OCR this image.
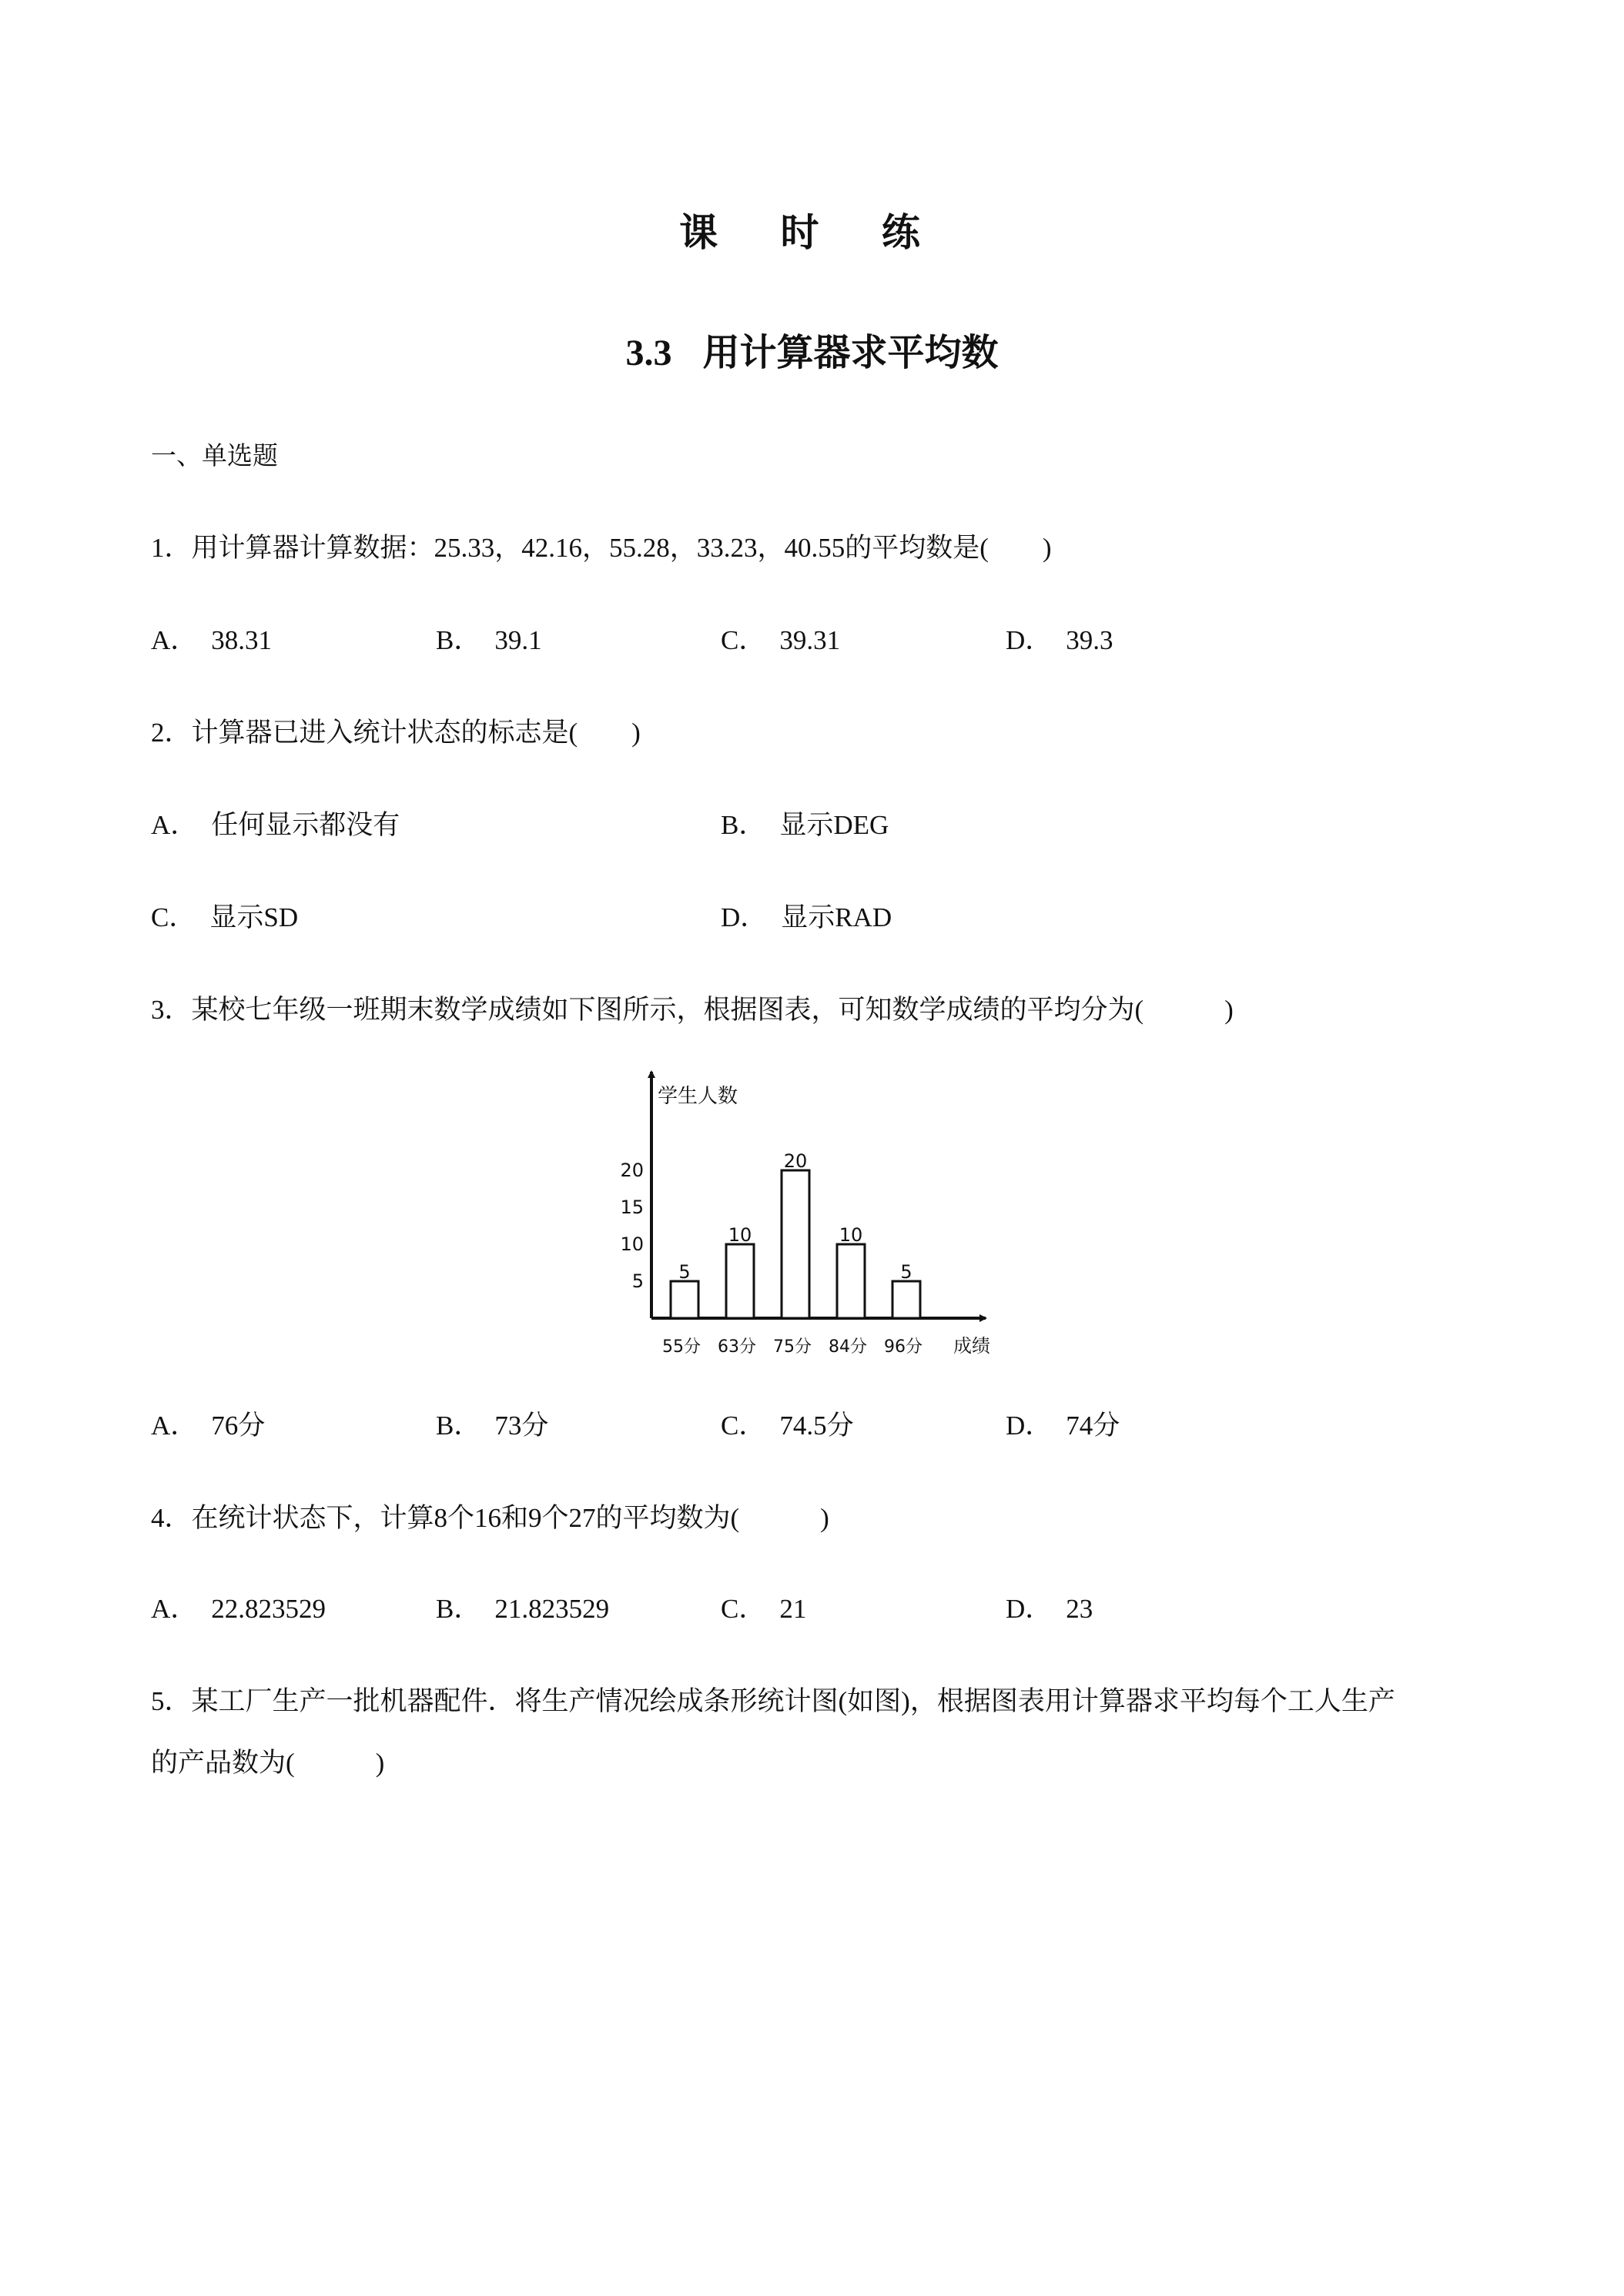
课 时 练
3.3 用计算器求平均数
一、单选题
1．用计算器计算数据：25.33，42.16，55.28，33.23，40.55的平均数是(　　)
A． 38.31	B． 39.1	C． 39.31	D． 39.3
2．计算器已进入统计状态的标志是(　　)
A． 任何显示都没有	B． 显示DEG
C． 显示SD	D． 显示RAD
3．某校七年级一班期末数学成绩如下图所示，根据图表，可知数学成绩的平均分为(　　　)
学生人数
成绩
5
10
15
20
5
10
20
10
5
55分 63分 75分 84分 96分
A． 76分	B． 73分	C． 74.5分	D． 74分
4．在统计状态下，计算8个16和9个27的平均数为(　　　)
A． 22.823529	B． 21.823529	C． 21	D． 23
5．某工厂生产一批机器配件．将生产情况绘成条形统计图(如图)，根据图表用计算器求平均每个工人生产
的产品数为(　　　)
